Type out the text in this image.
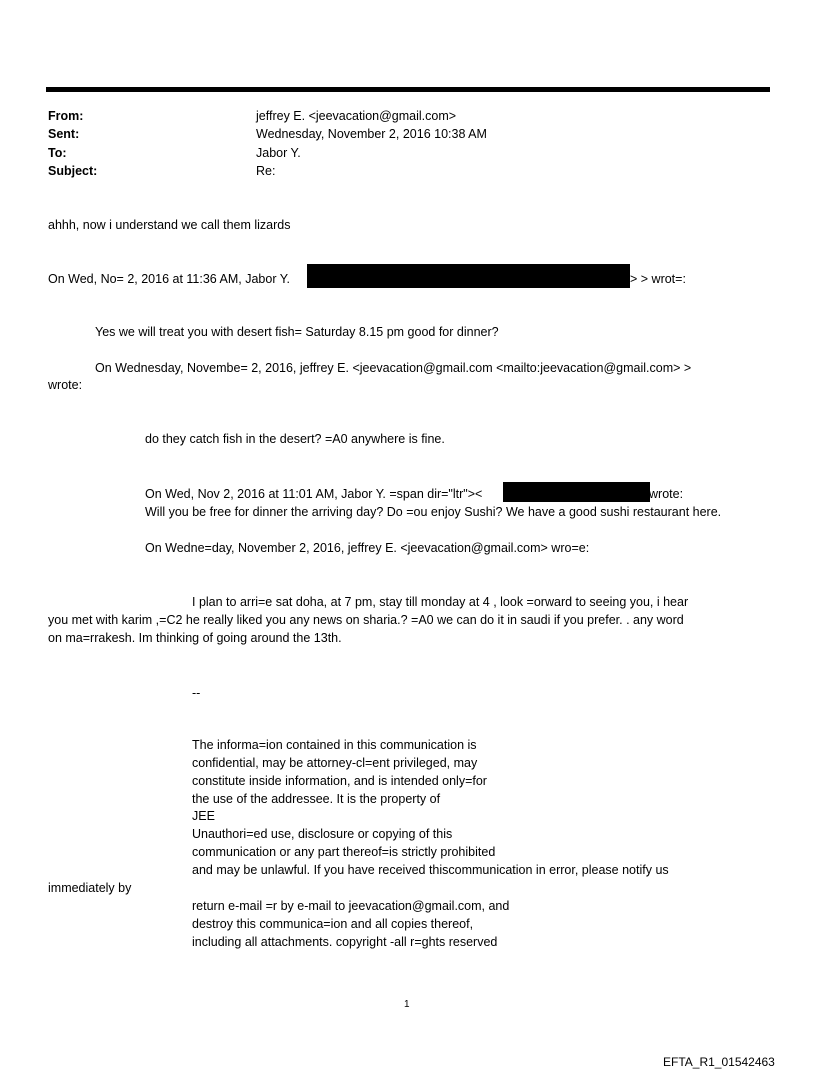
From:	jeffrey E. <jeevacation@gmail.com>
Sent:	Wednesday, November 2, 2016 10:38 AM
To:	Jabor Y.
Subject:	Re:
ahhh, now i understand we call them lizards
On Wed, No= 2, 2016 at 11:36 AM, Jabor Y.	> > wrot=:
Yes we will treat you with desert fish= Saturday 8.15 pm good for dinner?
On Wednesday, Novembe= 2, 2016, jeffrey E. <jeevacation@gmail.com <mailto:jeevacation@gmail.com> >
wrote:
do they catch fish in the desert? =A0 anywhere is fine.
On Wed, Nov 2, 2016 at 11:01 AM, Jabor Y. =span dir="ltr"><	wrote:
Will you be free for dinner the arriving day? Do =ou enjoy Sushi? We have a good sushi restaurant here.
On Wedne=day, November 2, 2016, jeffrey E. <jeevacation@gmail.com> wro=e:
I plan to arri=e sat doha, at 7 pm, stay till monday at 4 , look =orward to seeing you, i hear
you met with karim ,=C2 he really liked you any news on sharia.? =A0 we can do it in saudi if you prefer. . any word
on ma=rrakesh. Im thinking of going around the 13th.
--
The informa=ion contained in this communication is
confidential, may be attorney-cl=ent privileged, may
constitute inside information, and is intended only=for
the use of the addressee. It is the property of
JEE
Unauthori=ed use, disclosure or copying of this
communication or any part thereof=is strictly prohibited
and may be unlawful. If you have received thiscommunication in error, please notify us
immediately by
return e-mail =r by e-mail to jeevacation@gmail.com, and
destroy this communica=ion and all copies thereof,
including all attachments. copyright -all r=ghts reserved
1
EFTA_R1_01542463
